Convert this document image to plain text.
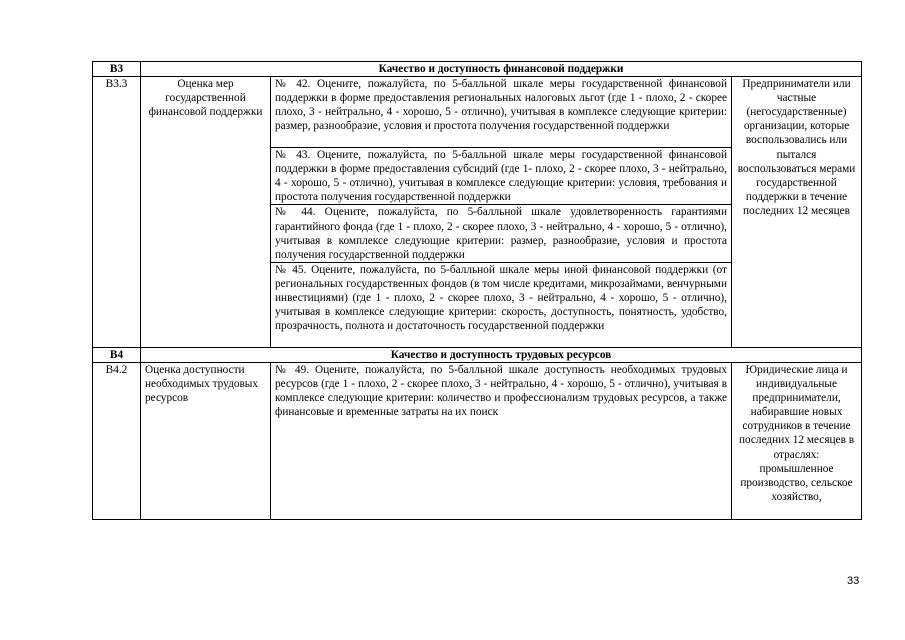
В3	Качество и доступность финансовой поддержки		
В3.3	Оценка мер государственной финансовой поддержки	№ 42. Оцените, пожалуйста, по 5-балльной шкале меры государственной финансовой поддержки в форме предоставления региональных налоговых льгот (где 1 - плохо, 2 - скорее плохо, 3 - нейтрально, 4 - хорошо, 5 - отлично), учитывая в комплексе следующие критерии: размер, разнообразие, условия и простота получения государственной поддержки	Предприниматели или частные (негосударственные) организации, которые воспользовались или пытался воспользоваться мерами государственной поддержки в течение последних 12 месяцев
		№ 43. Оцените, пожалуйста, по 5-балльной шкале меры государственной финансовой поддержки в форме предоставления субсидий (где 1- плохо, 2 - скорее плохо, 3 - нейтрально, 4 - хорошо, 5 - отлично), учитывая в комплексе следующие критерии: условия, требования и простота получения государственной поддержки	
		№ 44. Оцените, пожалуйста, по 5-балльной шкале удовлетворенность гарантиями гарантийного фонда (где 1 - плохо, 2 - скорее плохо, 3 - нейтрально, 4 - хорошо, 5 - отлично), учитывая в комплексе следующие критерии: размер, разнообразие, условия и простота получения государственной поддержки	
		№ 45. Оцените, пожалуйста, по 5-балльной шкале меры иной финансовой поддержки (от региональных государственных фондов (в том числе кредитами, микрозаймами, венчурными инвестициями) (где 1 - плохо, 2 - скорее плохо, 3 - нейтрально, 4 - хорошо, 5 - отлично), учитывая в комплексе следующие критерии: скорость, доступность, понятность, удобство, прозрачность, полнота и достаточность государственной поддержки	
В4	Качество и доступность трудовых ресурсов		
В4.2	Оценка доступности необходимых трудовых ресурсов	№ 49. Оцените, пожалуйста, по 5-балльной шкале доступность необходимых трудовых ресурсов (где 1 - плохо, 2 - скорее плохо, 3 - нейтрально, 4 - хорошо, 5 - отлично), учитывая в комплексе следующие критерии: количество и профессионализм трудовых ресурсов, а также финансовые и временные затраты на их поиск	Юридические лица и индивидуальные предприниматели, набиравшие новых сотрудников в течение последних 12 месяцев в отраслях: промышленное производство, сельское хозяйство,
33
